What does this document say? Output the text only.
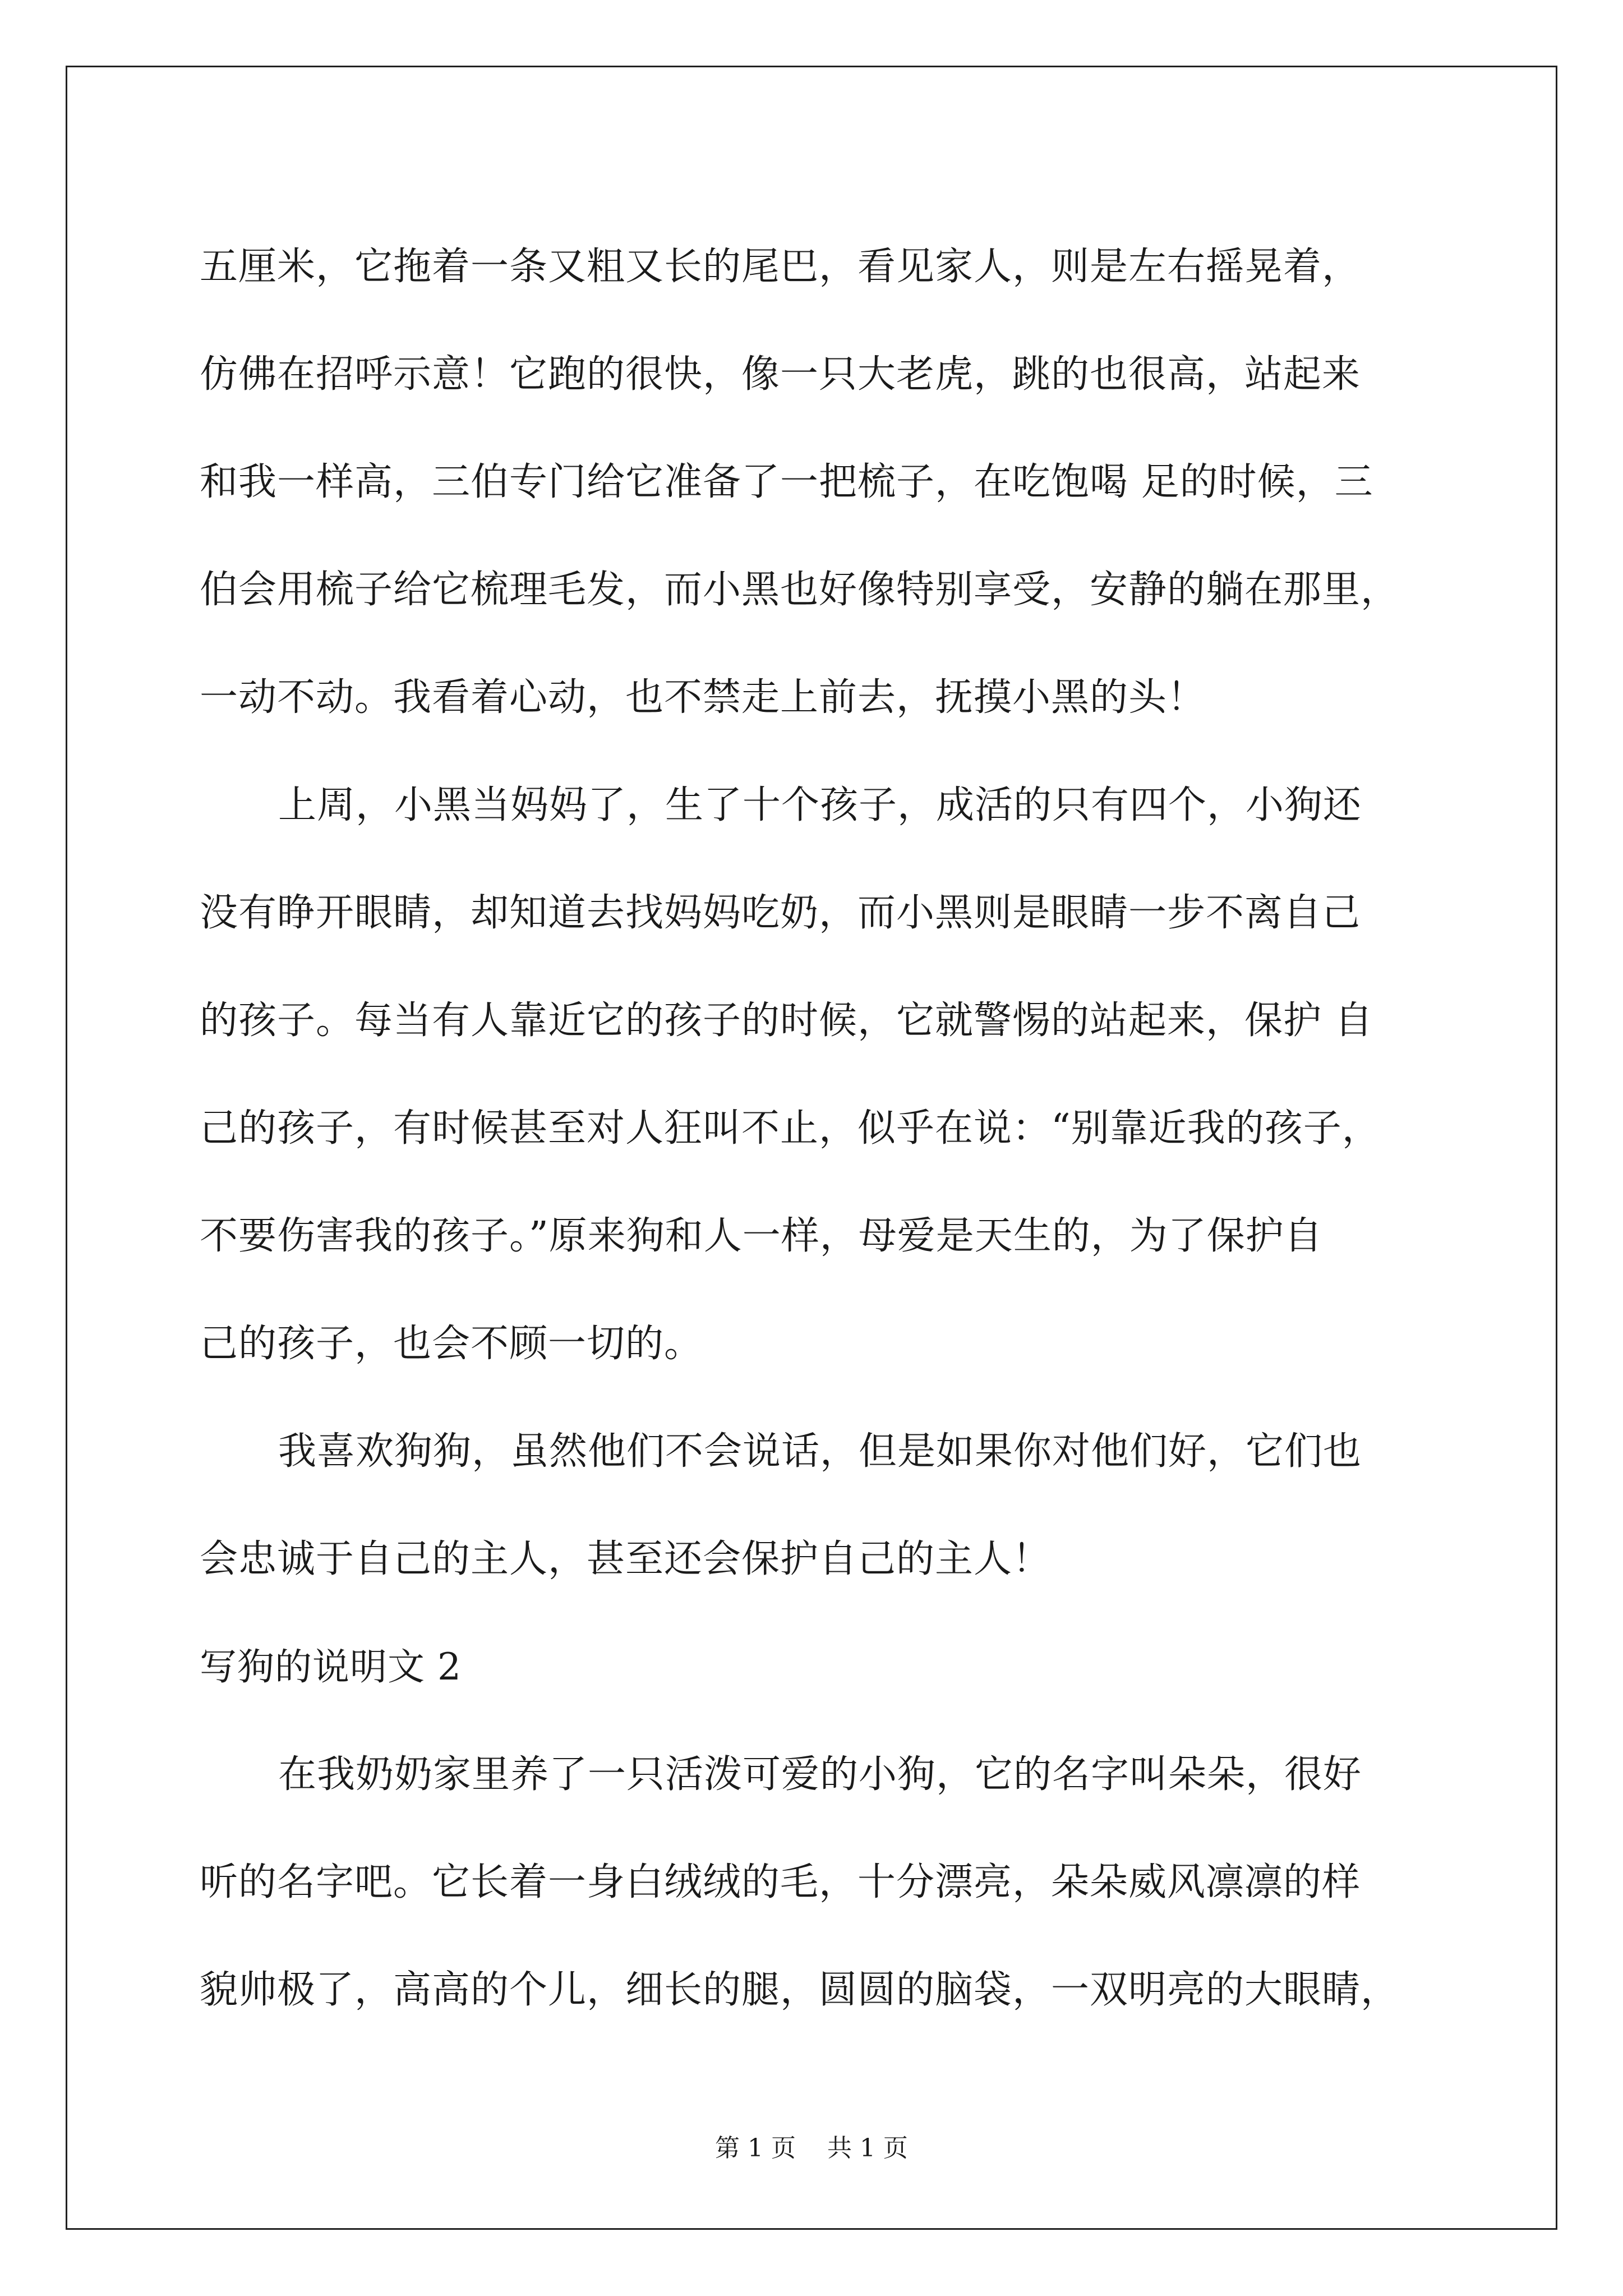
五厘米，它拖着一条又粗又长的尾巴，看见家人，则是左右摇晃着，
仿佛在招呼示意！它跑的很快，像一只大老虎，跳的也很高，站起来
和我一样高，三伯专门给它准备了一把梳子，在吃饱喝 足的时候，三
伯会用梳子给它梳理毛发，而小黑也好像特别享受，安静的躺在那里，
一动不动。我看着心动，也不禁走上前去，抚摸小黑的头！
上周，小黑当妈妈了，生了十个孩子，成活的只有四个，小狗还
没有睁开眼睛，却知道去找妈妈吃奶，而小黑则是眼睛一步不离自己
的孩子。每当有人靠近它的孩子的时候，它就警惕的站起来，保护 自
己的孩子，有时候甚至对人狂叫不止，似乎在说：“别靠近我的孩子，
不要伤害我的孩子。”原来狗和人一样，母爱是天生的，为了保护自
己的孩子，也会不顾一切的。
我喜欢狗狗，虽然他们不会说话，但是如果你对他们好，它们也
会忠诚于自己的主人，甚至还会保护自己的主人！
写狗的说明文 2
在我奶奶家里养了一只活泼可爱的小狗，它的名字叫朵朵，很好
听的名字吧。它长着一身白绒绒的毛，十分漂亮，朵朵威风凛凛的样
貌帅极了，高高的个儿，细长的腿，圆圆的脑袋，一双明亮的大眼睛，
第 1 页    共 1 页
